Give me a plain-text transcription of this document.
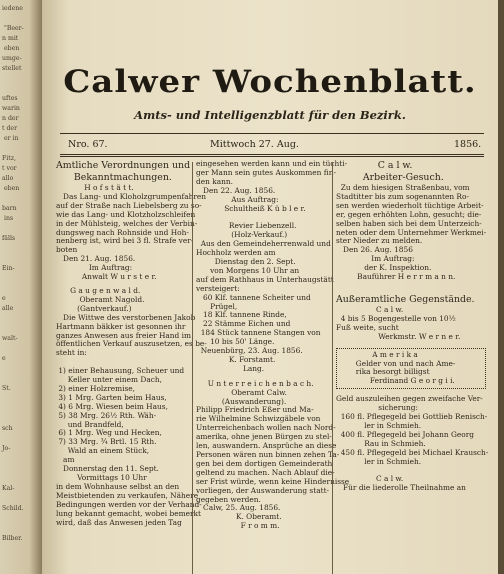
iedene

"Beer-
n mit
eben
umge-
stellet

uftes
warin
n der
t der
er in

Fitz,
t vor
allo
eben

barn
ins

fälls

Ein-

e
alle

walt-

e

St.

sch

Jo-

Kal-

Schild.

Bilber.
Calwer Wochenblatt.
Amts- und Intelligenzblatt für den Bezirk.
Nro. 67.	Mittwoch 27. Aug.	1856.

Amtliche Verordnungen und
Bekanntmachungen.

H o f s t ä t t.
Das Lang- und Kloholzgrumpenfahren
auf der Straße nach Liebelsberg zu so-
wie das Lang- und Klotzholzschleifen
in der Mühlsteig, welches der Verbin-
dungsweg nach Rohnside und Hoh-
nenberg ist, wird bei 3 fl. Strafe ver-
boten
Den 21. Aug. 1856.
Im Auftrag:
Anwalt W u r s t e r.

G a u g e n w a l d.
Oberamt Nagold.
(Gantverkauf.)

Die Wittwe des verstorbenen Jakob
Hartmann bäkker ist gesonnen ihr
ganzes Anwesen aus freier Hand im
öffentlichen Verkauf auszusetzen, es be-
steht in:

1) einer Behausung, Scheuer und
Keller unter einem Dach,
2) einer Holzremise,
3) 1 Mrg. Garten beim Haus,
4) 6 Mrg. Wiesen beim Haus,
5) 38 Mrg. 26½ Rth. Wäh-
und Brandfeld,
6) 1 Mrg. Weg und Hecken,
7) 33 Mrg. ¾ Brtl. 15 Rth.
Wald an einem Stück,
am
Donnerstag den 11. Sept.
Vormittags 10 Uhr
in dem Wohnhause selbst an den
Meistbietenden zu verkaufen, Nähere
Bedingungen werden vor der Verhand-
lung bekannt gemacht, wobei bemerkt
wird, daß das Anwesen jeden Tag

eingesehen werden kann und ein tüchti-
ger Mann sein gutes Auskommen fin-
den kann.
Den 22. Aug. 1856.
Aus Auftrag:
Schultheiß K ü b l e r.

Revier Liebenzell.
(Holz-Verkauf.)
Aus den Gemeindeherrenwald und
Hochholz werden am
Dienstag den 2. Sept.
von Morgens 10 Uhr an
auf dem Rathhaus in Unterhaugstätt
versteigert:
60 Klf. tannene Scheiter und
Prügel,
18 Klf. tannene Rinde,
22 Stämme Eichen und
184 Stück tannene Stangen von
10 bis 50' Länge.
Neuenbürg, 23. Aug. 1856.
K. Forstamt.
Lang.

U n t e r r e i c h e n b a c h.
Oberamt Calw.
(Auswanderung).

Philipp Friedrich Eßer und Ma-
rie Wilhelmine Schwizgäbele von
Unterreichenbach wollen nach Nord-
amerika, ohne jenen Bürgen zu stel-
len, auswandern. Ansprüche an diese
Personen wären nun binnen zehen Ta-
gen bei dem dortigen Gemeinderath
geltend zu machen. Nach Ablauf die-
ser Frist würde, wenn keine Hindernisse
vorliegen, der Auswanderung statt-
gegeben werden.
Calw, 25. Aug. 1856.
K. Oberamt.
F r o m m.

C a l w.
Arbeiter-Gesuch.

Zu dem hiesigen Straßenbau, vom
Stadtitter bis zum sogenannten Ro-
sen werden wiederholt tüchtige Arbeit-
er, gegen erhöhten Lohn, gesucht; die-
selben haben sich bei dem Unterzeich-
neten oder dem Unternehmer Werkmei-
ster Nieder zu melden.
Den 26. Aug. 1856
Im Auftrag:
der K. Inspektion.
Bauführer H e r r m a n n.

Außeramtliche Gegenstände.

C a l w.
4 bis 5 Bogengestelle von 10½
Fuß weite, sucht
Werkmstr. W e r n e r.

A m e r i k a
Gelder von und nach Ame-
rika besorgt billigst
Ferdinand G e o r g i i.

Geld auszuleihen gegen zweifache Ver-
sicherung:
160 fl. Pflegegeld bei Gottlieb Renisch-
ler in Schmieh.
400 fl. Pflegegeld bei Johann Georg
Rau in Schmieh.
450 fl. Pflegegeld bei Michael Krausch-
ler in Schmieh.

C a l w.
Für die liederolle Theilnahme an
